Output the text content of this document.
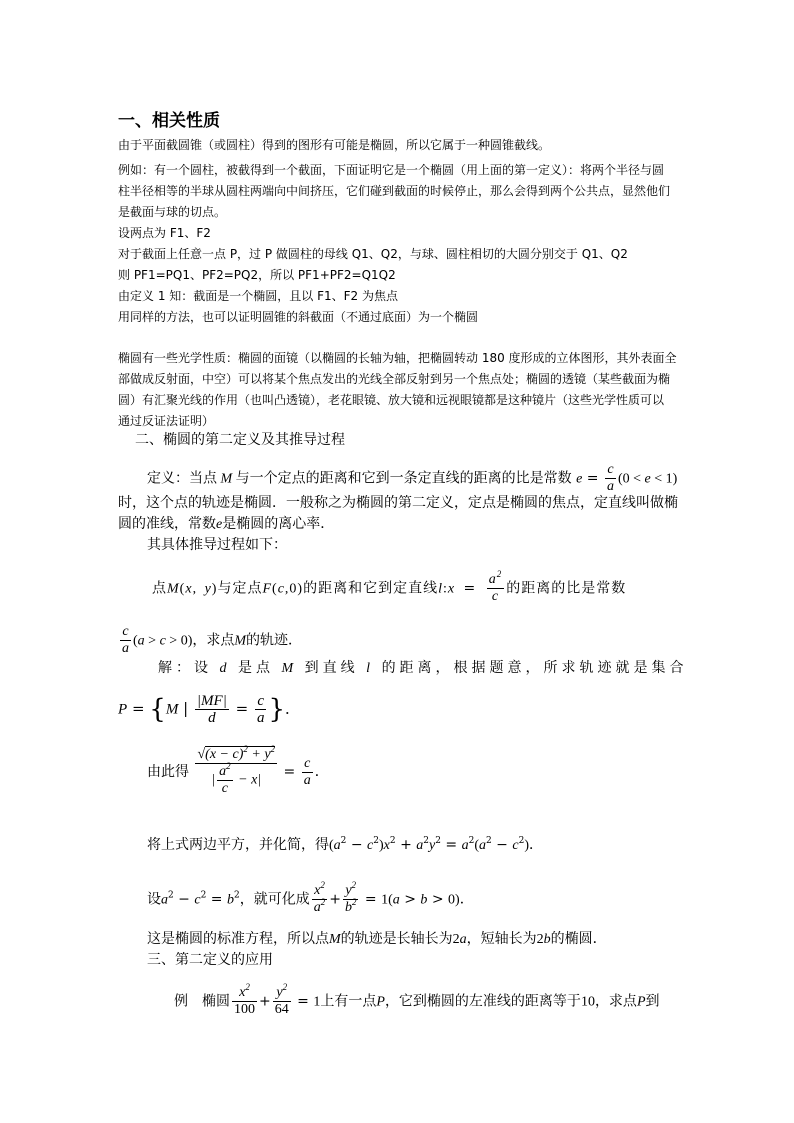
一、相关性质
由于平面截圆锥（或圆柱）得到的图形有可能是椭圆，所以它属于一种圆锥截线。
例如：有一个圆柱，被截得到一个截面，下面证明它是一个椭圆（用上面的第一定义）：将两个半径与圆
柱半径相等的半球从圆柱两端向中间挤压，它们碰到截面的时候停止，那么会得到两个公共点，显然他们
是截面与球的切点。
设两点为 F1、F2
对于截面上任意一点 P，过 P 做圆柱的母线 Q1、Q2，与球、圆柱相切的大圆分别交于 Q1、Q2
则 PF1=PQ1、PF2=PQ2，所以 PF1+PF2=Q1Q2
由定义 1 知：截面是一个椭圆，且以 F1、F2 为焦点
用同样的方法，也可以证明圆锥的斜截面（不通过底面）为一个椭圆
椭圆有一些光学性质：椭圆的面镜（以椭圆的长轴为轴，把椭圆转动 180 度形成的立体图形，其外表面全
部做成反射面，中空）可以将某个焦点发出的光线全部反射到另一个焦点处；椭圆的透镜（某些截面为椭
圆）有汇聚光线的作用（也叫凸透镜），老花眼镜、放大镜和远视眼镜都是这种镜片（这些光学性质可以
通过反证法证明）
二、椭圆的第二定义及其推导过程
定义：当点 M 与一个定点的距离和它到一条定直线的距离的比是常数 $e = \frac{c}{a} (0 < e < 1)$
时，这个点的轨迹是椭圆．一般称之为椭圆的第二定义，定点是椭圆的焦点，定直线叫做椭
圆的准线，常数e是椭圆的离心率．
其具体推导过程如下：
点M(x, y)与定点F(c,0)的距离和它到定直线l:x = $\frac{a^2}{c}$ 的距离的比是常数
$\frac{c}{a} (a > c > 0)$，求点M的轨迹．
解：设 d 是点 M 到直线 l 的距离，根据题意，所求轨迹就是集合
P = {M | $\frac{|MF|}{d} = \frac{c}{a}$ }．
由此得 $\frac{√(x - c)^2 + y^2}{| \frac{a^2}{c} - x|} = \frac{c}{a}$ ．
将上式两边平方，并化简，得$(a^2 - c^2)x^2 + a^2y^2 = a^2(a^2 - c^2)$．
设$a^2 - c^2 = b^2$，就可化成 $\frac{x^2}{a^2} + \frac{y^2}{b^2} = 1(a > b > 0)$．
这是椭圆的标准方程，所以点M的轨迹是长轴长为2a，短轴长为2b的椭圆．
三、第二定义的应用
例　椭圆 $\frac{x^2}{100} + \frac{y^2}{64} = 1$上有一点P，它到椭圆的左准线的距离等于10，求点P到
